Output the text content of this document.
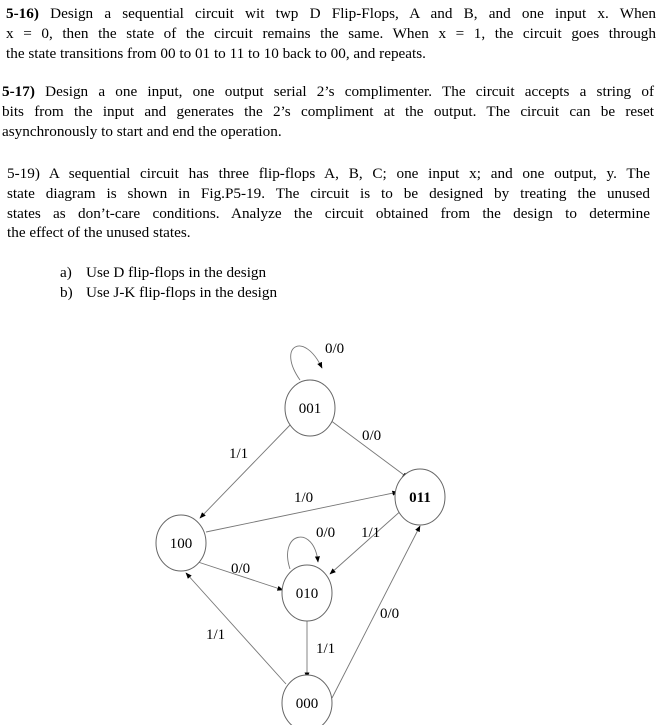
5-16) Design a sequential circuit wit twp D Flip-Flops, A and B, and one input x. When
x = 0, then the state of the circuit remains the same. When x = 1, the circuit goes through
the state transitions from 00 to 01 to 11 to 10 back to 00, and repeats.
5-17) Design a one input, one output serial 2’s complimenter. The circuit accepts a string of
bits from the input and generates the 2’s compliment at the output. The circuit can be reset
asynchronously to start and end the operation.
5-19) A sequential circuit has three flip-flops A, B, C; one input x; and one output, y. The
state diagram is shown in Fig.P5-19. The circuit is to be designed by treating the unused
states as don’t-care conditions. Analyze the circuit obtained from the design to determine
the effect of the unused states.
a) Use D flip-flops in the design
b) Use J-K flip-flops in the design
001
011
100
010
000
0/0
0/0
1/1
1/0
0/0 1/1
0/0
1/1
1/1
0/0
